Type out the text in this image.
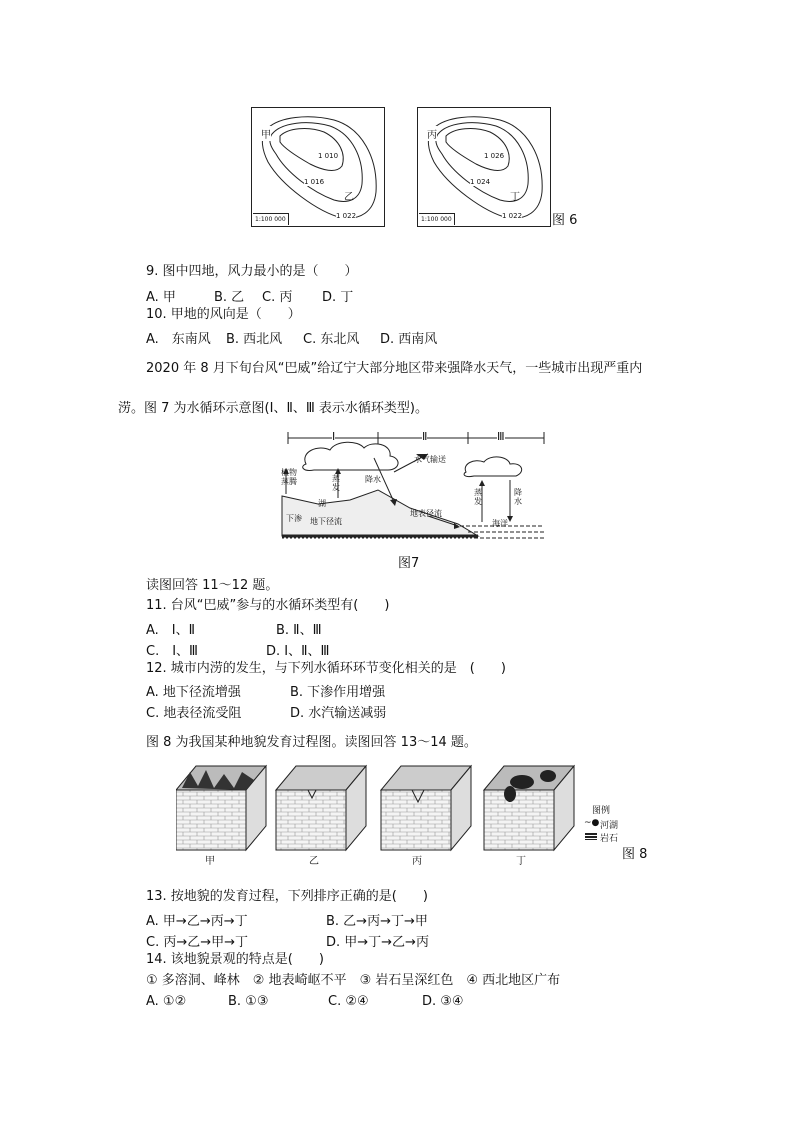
甲
乙
1 010
1 016
1 022
1:100 000
丙
丁
1 026
1 024
1 022
1:100 000	图 6
9. 图中四地，风力最小的是（　　）
A. 甲	B. 乙 C. 丙 D. 丁
10. 甲地的风向是（　　）
A.　东南风 B. 西北风 C. 东北风 D. 西南风
2020 年 8 月下旬台风“巴威”给辽宁大部分地区带来强降水天气，一些城市出现严重内
涝。图 7 为水循环示意图(Ⅰ、Ⅱ、Ⅲ 表示水循环类型)。
Ⅰ	Ⅱ	Ⅲ
植物蒸腾	蒸发
降水
水气输送
湖
下渗 地下径流
地表径流
蒸发
降水
海洋
图7
读图回答 11～12 题。
11. 台风“巴威”参与的水循环类型有(　　)
A.　Ⅰ、Ⅱ	B. Ⅱ、Ⅲ
C.　Ⅰ、Ⅲ	D. Ⅰ、Ⅱ、Ⅲ
12. 城市内涝的发生，与下列水循环环节变化相关的是　(　　)
A. 地下径流增强	B. 下渗作用增强
C. 地表径流受阻	D. 水汽输送减弱
图 8 为我国某种地貌发育过程图。读图回答 13～14 题。
甲	乙	丙	丁
图例
~● 河湖
岩石
图 8
13. 按地貌的发育过程，下列排序正确的是(　　)
A. 甲→乙→丙→丁	B. 乙→丙→丁→甲
C. 丙→乙→甲→丁	D. 甲→丁→乙→丙
14. 该地貌景观的特点是(　　)
① 多溶洞、峰林　② 地表崎岖不平　③ 岩石呈深红色　④ 西北地区广布
A. ①②	B. ①③	C. ②④	D. ③④
